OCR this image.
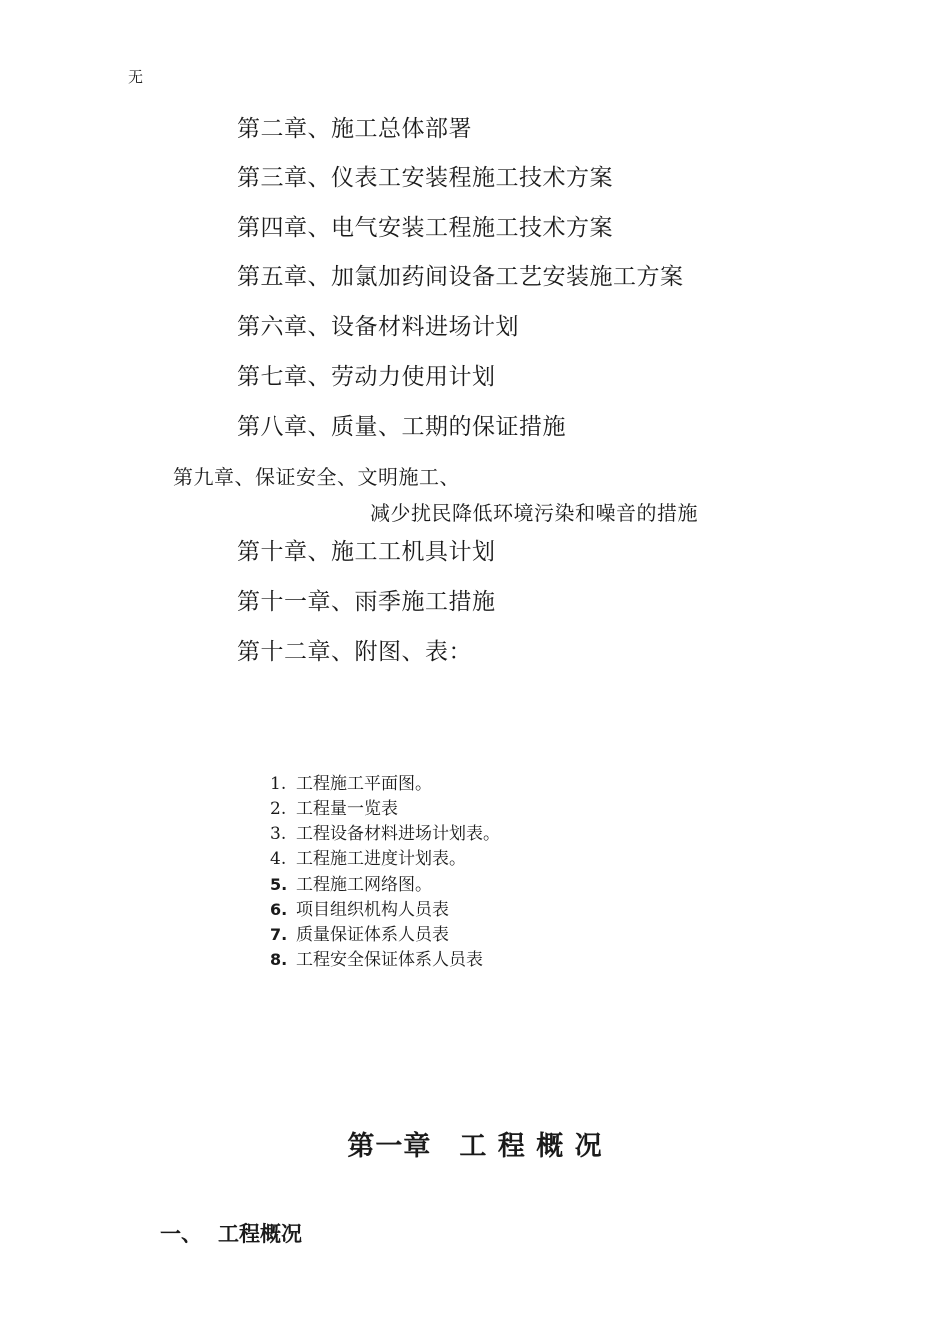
无
第二章、施工总体部署
第三章、仪表工安装程施工技术方案
第四章、电气安装工程施工技术方案
第五章、加氯加药间设备工艺安装施工方案
第六章、设备材料进场计划
第七章、劳动力使用计划
第八章、质量、工期的保证措施
第九章、保证安全、文明施工、
减少扰民降低环境污染和噪音的措施
第十章、施工工机具计划
第十一章、雨季施工措施
第十二章、附图、表：
1. 工程施工平面图。
2. 工程量一览表
3. 工程设备材料进场计划表。
4. 工程施工进度计划表。
5. 工程施工网络图。
6. 项目组织机构人员表
7. 质量保证体系人员表
8. 工程安全保证体系人员表
第一章 工 程 概 况
一、 工程概况
